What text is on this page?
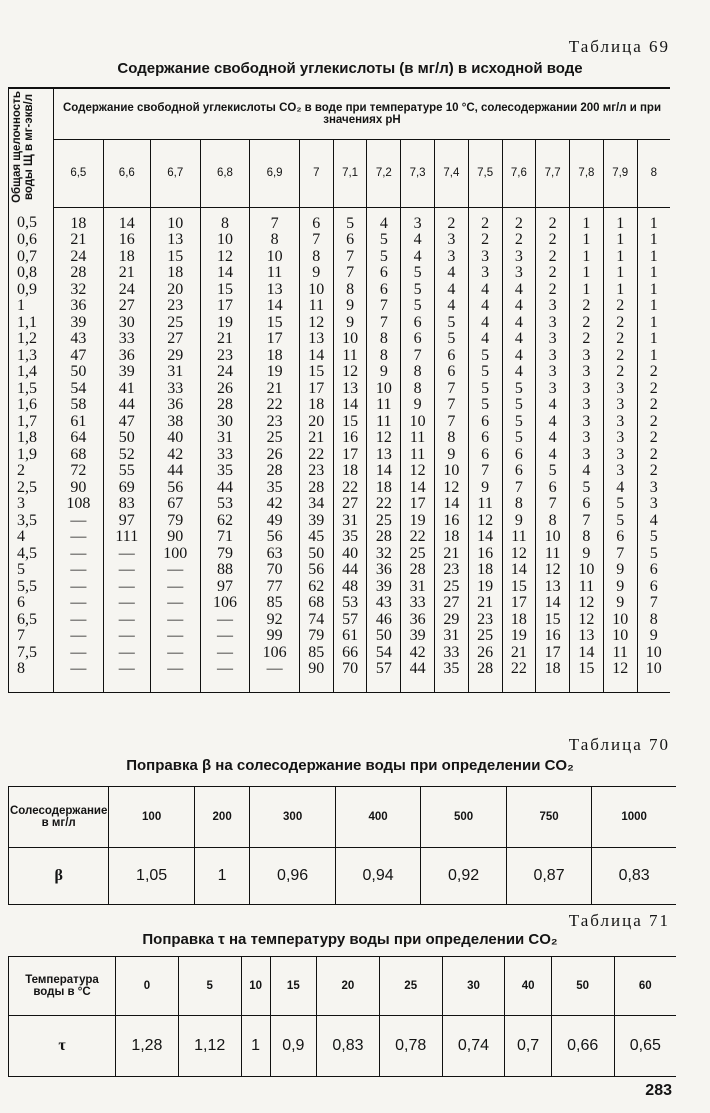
Таблица 69
Содержание свободной углекислоты (в мг/л) в исходной воде
Общая щелочность воды Щ в мг-экв/л	Содержание свободной углекислоты CO₂ в воде при температуре 10 °C, солесодержании 200 мг/л и при значениях pH															
	6,5	6,6	6,7	6,8	6,9	7	7,1	7,2	7,3	7,4	7,5	7,6	7,7	7,8	7,9	8
0,5	18	14	10	8	7	6	5	4	3	2	2	2	2	1	1	1
0,6	21	16	13	10	8	7	6	5	4	3	2	2	2	1	1	1
0,7	24	18	15	12	10	8	7	5	4	3	3	3	2	1	1	1
0,8	28	21	18	14	11	9	7	6	5	4	3	3	2	1	1	1
0,9	32	24	20	15	13	10	8	6	5	4	4	4	2	1	1	1
1	36	27	23	17	14	11	9	7	5	4	4	4	3	2	2	1
1,1	39	30	25	19	15	12	9	7	6	5	4	4	3	2	2	1
1,2	43	33	27	21	17	13	10	8	6	5	4	4	3	2	2	1
1,3	47	36	29	23	18	14	11	8	7	6	5	4	3	3	2	1
1,4	50	39	31	24	19	15	12	9	8	6	5	4	3	3	2	2
1,5	54	41	33	26	21	17	13	10	8	7	5	5	3	3	3	2
1,6	58	44	36	28	22	18	14	11	9	7	5	5	4	3	3	2
1,7	61	47	38	30	23	20	15	11	10	7	6	5	4	3	3	2
1,8	64	50	40	31	25	21	16	12	11	8	6	5	4	3	3	2
1,9	68	52	42	33	26	22	17	13	11	9	6	6	4	3	3	2
2	72	55	44	35	28	23	18	14	12	10	7	6	5	4	3	2
2,5	90	69	56	44	35	28	22	18	14	12	9	7	6	5	4	3
3	108	83	67	53	42	34	27	22	17	14	11	8	7	6	5	3
3,5	—	97	79	62	49	39	31	25	19	16	12	9	8	7	5	4
4	—	111	90	71	56	45	35	28	22	18	14	11	10	8	6	5
4,5	—	—	100	79	63	50	40	32	25	21	16	12	11	9	7	5
5	—	—	—	88	70	56	44	36	28	23	18	14	12	10	9	6
5,5	—	—	—	97	77	62	48	39	31	25	19	15	13	11	9	6
6	—	—	—	106	85	68	53	43	33	27	21	17	14	12	9	7
6,5	—	—	—	—	92	74	57	46	36	29	23	18	15	12	10	8
7	—	—	—	—	99	79	61	50	39	31	25	19	16	13	10	9
7,5	—	—	—	—	106	85	66	54	42	33	26	21	17	14	11	10
8	—	—	—	—	—	90	70	57	44	35	28	22	18	15	12	10
Таблица 70
Поправка β на солесодержание воды при определении CO₂
Солесодержание в мг/л	100	200	300	400	500	750	1000
β	1,05	1	0,96	0,94	0,92	0,87	0,83
Таблица 71
Поправка τ на температуру воды при определении CO₂
Температура воды в °C	0	5	10	15	20	25	30	40	50	60
τ	1,28	1,12	1	0,9	0,83	0,78	0,74	0,7	0,66	0,65
283
